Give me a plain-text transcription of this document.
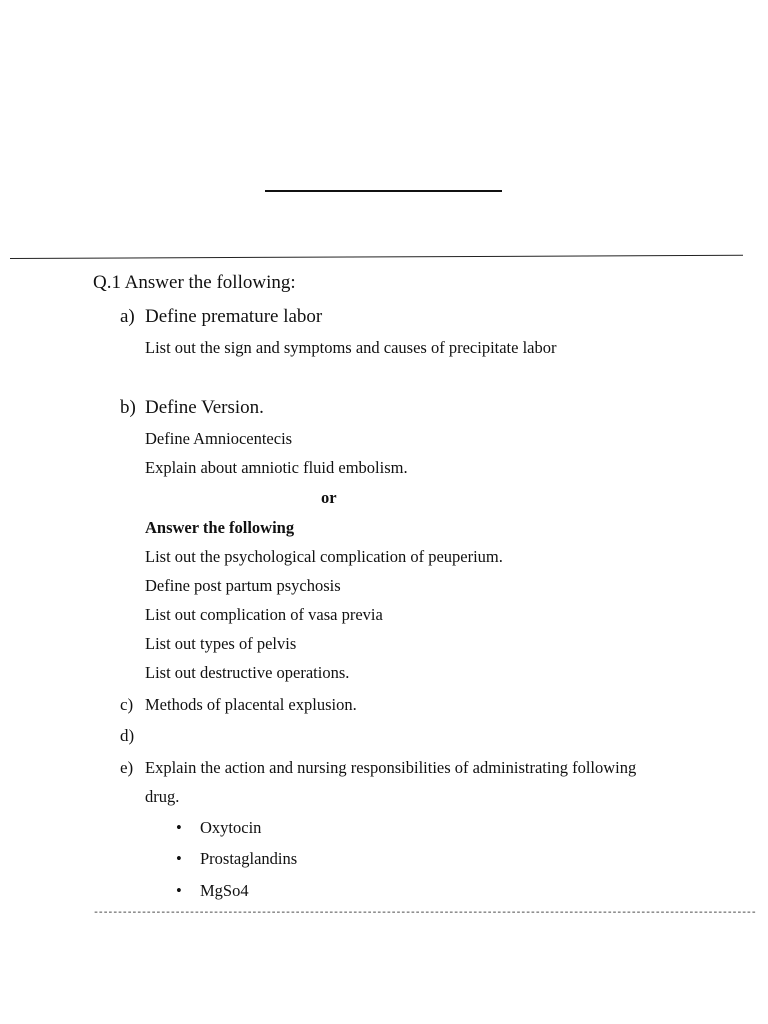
Q.1 Answer the following:
a) Define premature labor
List out the sign and symptoms and causes of precipitate labor
b) Define Version.
Define Amniocentecis
Explain about amniotic fluid embolism.
or
Answer the following
List out the psychological complication of peuperium.
Define post partum psychosis
List out complication of vasa previa
List out types of pelvis
List out destructive operations.
c) Methods of placental explusion.
d)
e) Explain the action and nursing responsibilities of administrating following
drug.
• Oxytocin
• Prostaglandins
• MgSo4
------------------------------------------------------------------------------------------------------------------------------------------
